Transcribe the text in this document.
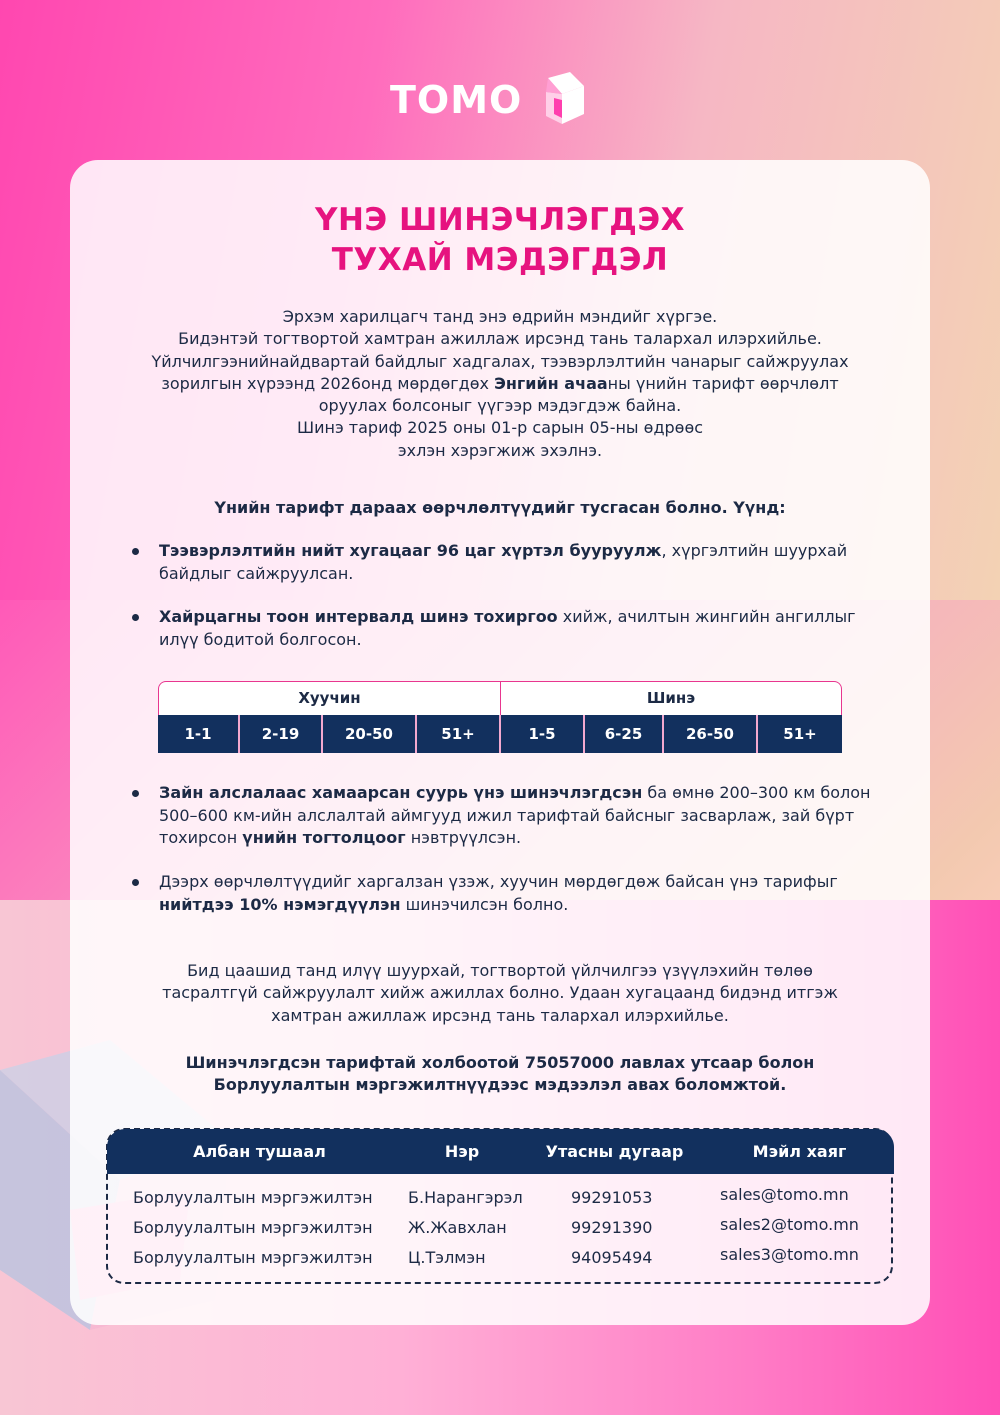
TOMO
ҮНЭ ШИНЭЧЛЭГДЭХ
ТУХАЙ МЭДЭГДЭЛ
Эрхэм харилцагч танд энэ өдрийн мэндийг хүргэе.
Бидэнтэй тогтвортой хамтран ажиллаж ирсэнд тань талархал илэрхийлье.
Үйлчилгээнийнайдвартай байдлыг хадгалах, тээвэрлэлтийн чанарыг сайжруулах
зорилгын хүрээнд 2026онд мөрдөгдөх Энгийн ачааны үнийн тарифт өөрчлөлт
оруулах болсоныг үүгээр мэдэгдэж байна.
Шинэ тариф 2025 оны 01-р сарын 05-ны өдрөөс
эхлэн хэрэгжиж эхэлнэ.
Үнийн тарифт дараах өөрчлөлтүүдийг тусгасан болно. Үүнд:
Тээвэрлэлтийн нийт хугацааг 96 цаг хүртэл бууруулж, хүргэлтийн шуурхай
байдлыг сайжруулсан.
Хайрцагны тоон интервалд шинэ тохиргоо хийж, ачилтын жингийн ангиллыг
илүү бодитой болгосон.
Хуучин	Шинэ
1-1	2-19	20-50	51+	1-5	6-25	26-50	51+
Зайн алслалаас хамаарсан суурь үнэ шинэчлэгдсэн ба өмнө 200–300 км болон
500–600 км-ийн алслалтай аймгууд ижил тарифтай байсныг засварлаж, зай бүрт
тохирсон үнийн тогтолцоог нэвтрүүлсэн.
Дээрх өөрчлөлтүүдийг харгалзан үзэж, хуучин мөрдөгдөж байсан үнэ тарифыг
нийтдээ 10% нэмэгдүүлэн шинэчилсэн болно.
Бид цаашид танд илүү шуурхай, тогтвортой үйлчилгээ үзүүлэхийн төлөө
тасралтгүй сайжруулалт хийж ажиллах болно. Удаан хугацаанд бидэнд итгэж
хамтран ажиллаж ирсэнд тань талархал илэрхийлье.
Шинэчлэгдсэн тарифтай холбоотой 75057000 лавлах утсаар болон
Борлуулалтын мэргэжилтнүүдээс мэдээлэл авах боломжтой.
Албан тушаал	Нэр	Утасны дугаар	Мэйл хаяг
Борлуулалтын мэргэжилтэн Б.Нарангэрэл	99291053	sales@tomo.mn
Борлуулалтын мэргэжилтэн Ж.Жавхлан	99291390	sales2@tomo.mn
Борлуулалтын мэргэжилтэн Ц.Тэлмэн	94095494	sales3@tomo.mn
